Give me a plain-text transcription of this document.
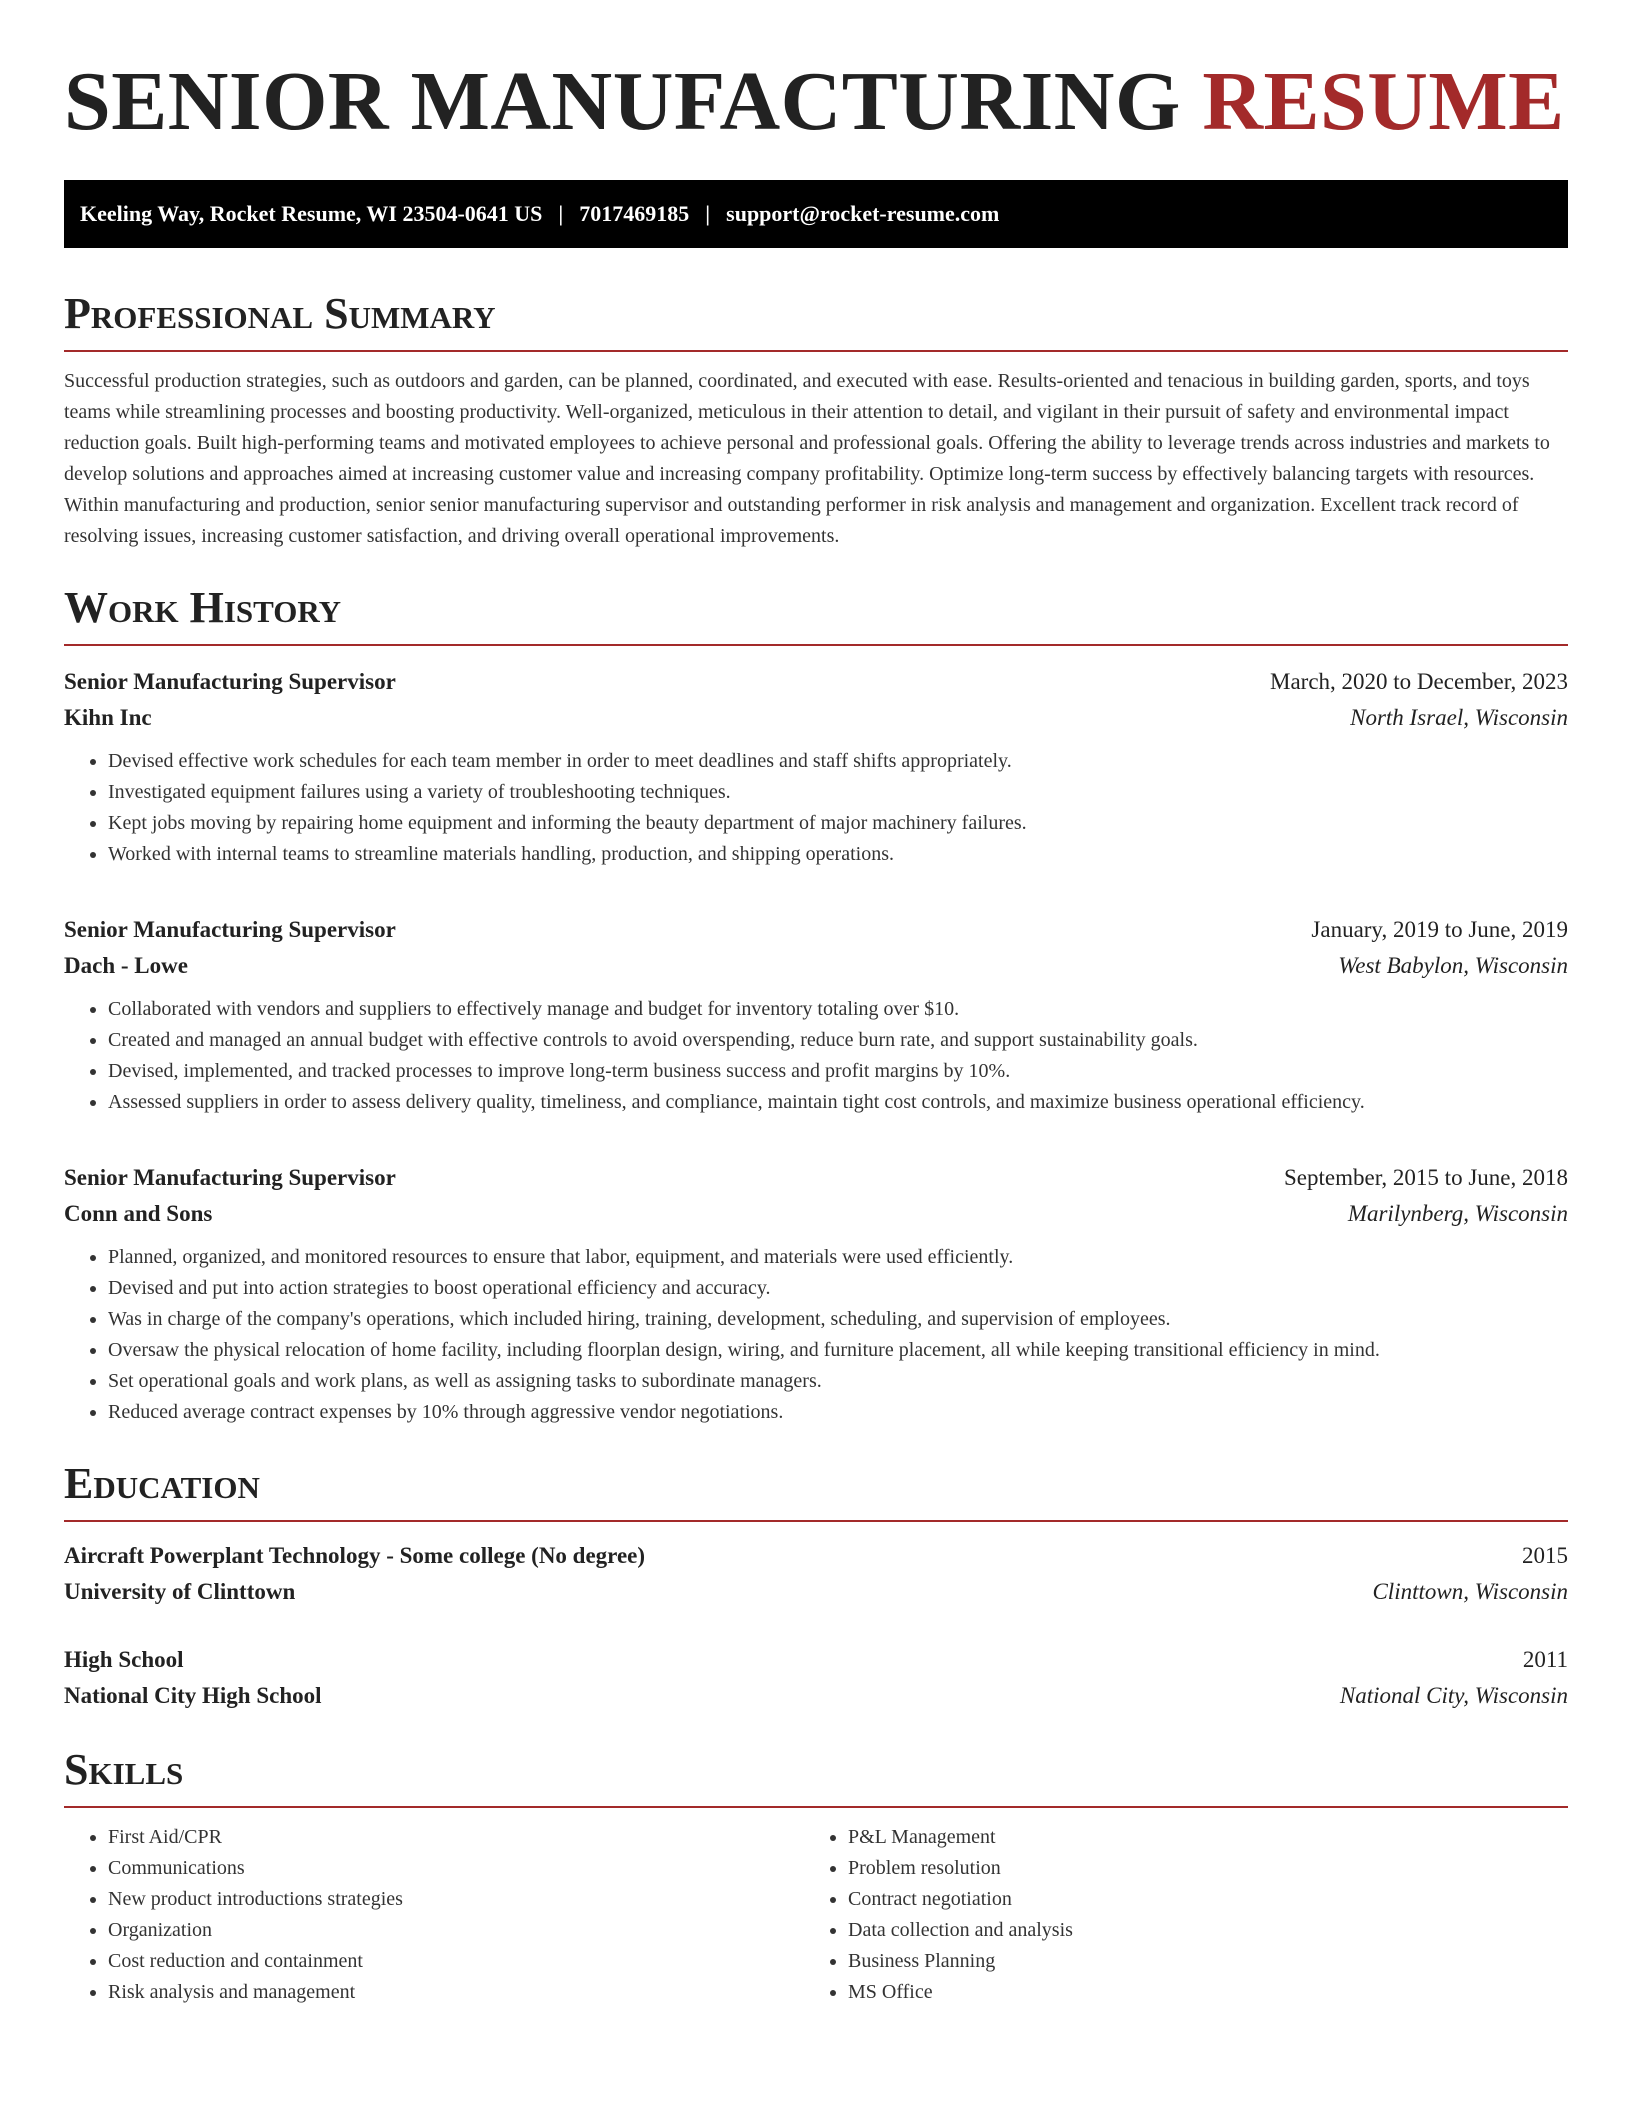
SENIOR MANUFACTURING RESUME
Keeling Way, Rocket Resume, WI 23504-0641 US | 7017469185 | support@rocket-resume.com
Professional Summary

Successful production strategies, such as outdoors and garden, can be planned, coordinated, and executed with ease. Results-oriented and tenacious in building garden, sports, and toys teams while streamlining processes and boosting productivity. Well-organized, meticulous in their attention to detail, and vigilant in their pursuit of safety and environmental impact reduction goals. Built high-performing teams and motivated employees to achieve personal and professional goals. Offering the ability to leverage trends across industries and markets to develop solutions and approaches aimed at increasing customer value and increasing company profitability. Optimize long-term success by effectively balancing targets with resources. Within manufacturing and production, senior senior manufacturing supervisor and outstanding performer in risk analysis and management and organization. Excellent track record of resolving issues, increasing customer satisfaction, and driving overall operational improvements.

Work History
Senior Manufacturing Supervisor	March, 2020 to December, 2023
Kihn Inc	North Israel, Wisconsin
• Devised effective work schedules for each team member in order to meet deadlines and staff shifts appropriately.
• Investigated equipment failures using a variety of troubleshooting techniques.
• Kept jobs moving by repairing home equipment and informing the beauty department of major machinery failures.
• Worked with internal teams to streamline materials handling, production, and shipping operations.
Senior Manufacturing Supervisor	January, 2019 to June, 2019
Dach - Lowe	West Babylon, Wisconsin
• Collaborated with vendors and suppliers to effectively manage and budget for inventory totaling over $10.
• Created and managed an annual budget with effective controls to avoid overspending, reduce burn rate, and support sustainability goals.
• Devised, implemented, and tracked processes to improve long-term business success and profit margins by 10%.
• Assessed suppliers in order to assess delivery quality, timeliness, and compliance, maintain tight cost controls, and maximize business operational efficiency.
Senior Manufacturing Supervisor	September, 2015 to June, 2018
Conn and Sons	Marilynberg, Wisconsin
• Planned, organized, and monitored resources to ensure that labor, equipment, and materials were used efficiently.
• Devised and put into action strategies to boost operational efficiency and accuracy.
• Was in charge of the company's operations, which included hiring, training, development, scheduling, and supervision of employees.
• Oversaw the physical relocation of home facility, including floorplan design, wiring, and furniture placement, all while keeping transitional efficiency in mind.
• Set operational goals and work plans, as well as assigning tasks to subordinate managers.
• Reduced average contract expenses by 10% through aggressive vendor negotiations.
Education
Aircraft Powerplant Technology - Some college (No degree)	2015
University of Clinttown	Clinttown, Wisconsin
High School	2011
National City High School	National City, Wisconsin
Skills
• First Aid/CPR
• Communications
• New product introductions strategies
• Organization
• Cost reduction and containment
• Risk analysis and management
• P&L Management
• Problem resolution
• Contract negotiation
• Data collection and analysis
• Business Planning
• MS Office
